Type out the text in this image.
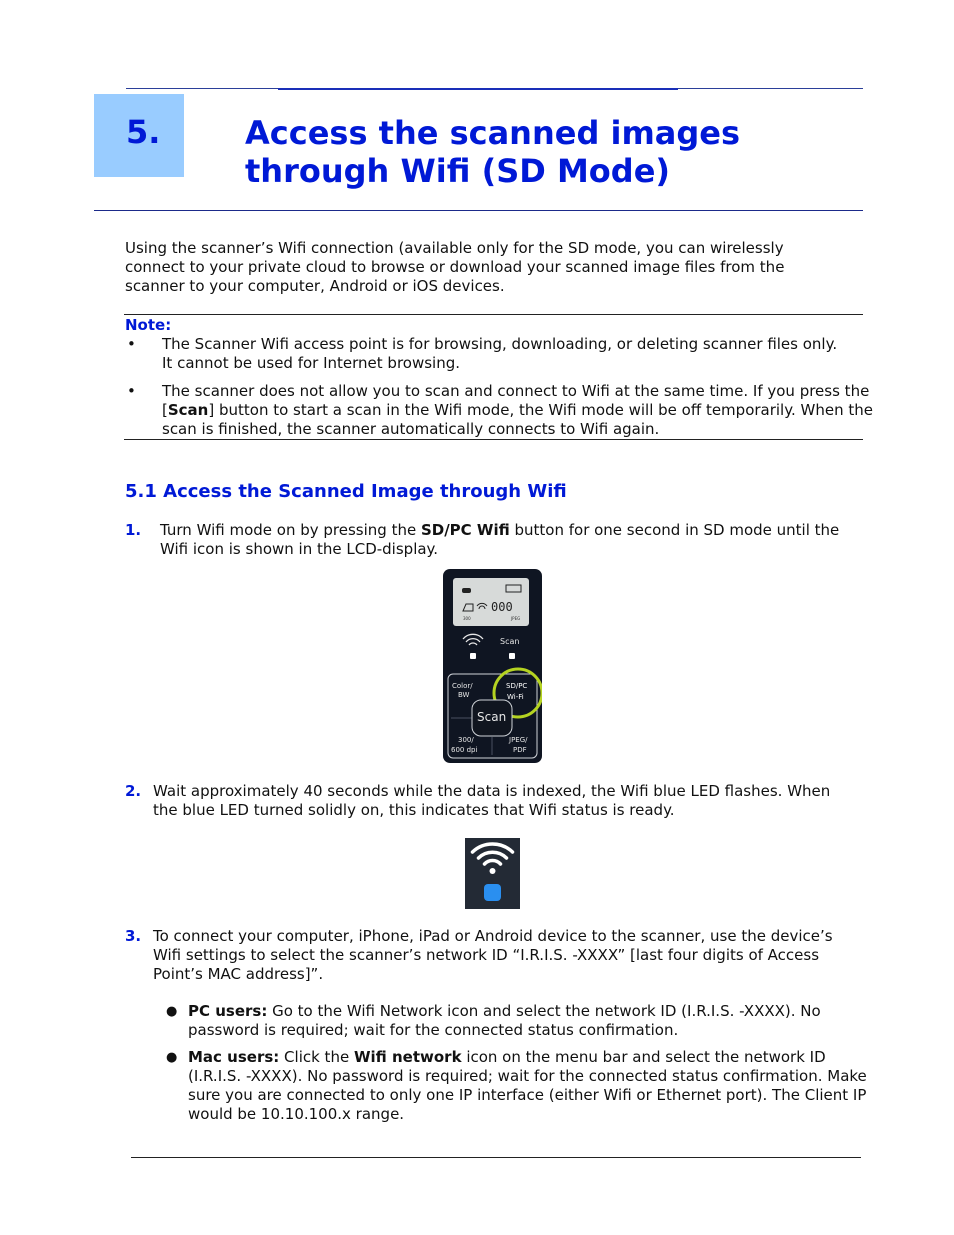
5.	Access the scanned images
through Wifi (SD Mode)
Using the scanner’s Wifi connection (available only for the SD mode, you can wirelessly connect to your private cloud to browse or download your scanned image files from the scanner to your computer, Android or iOS devices.
Note:
• The Scanner Wifi access point is for browsing, downloading, or deleting scanner files only. It cannot be used for Internet browsing.
• The scanner does not allow you to scan and connect to Wifi at the same time. If you press the [Scan] button to start a scan in the Wifi mode, the Wifi mode will be off temporarily. When the scan is finished, the scanner automatically connects to Wifi again.
5.1 Access the Scanned Image through Wifi
1. Turn Wifi mode on by pressing the SD/PC Wifi button for one second in SD mode until the Wifi icon is shown in the LCD-display.
000
300	JPEG
Scan
Color/
BW
SD/PC
Wi-Fi
Scan
300/
600 dpi
JPEG/
PDF
2. Wait approximately 40 seconds while the data is indexed, the Wifi blue LED flashes. When the blue LED turned solidly on, this indicates that Wifi status is ready.
3. To connect your computer, iPhone, iPad or Android device to the scanner, use the device’s Wifi settings to select the scanner’s network ID “I.R.I.S. -XXXX” [last four digits of Access Point’s MAC address]”.
● PC users: Go to the Wifi Network icon and select the network ID (I.R.I.S. -XXXX). No password is required; wait for the connected status confirmation.
● Mac users: Click the Wifi network icon on the menu bar and select the network ID (I.R.I.S. -XXXX). No password is required; wait for the connected status confirmation. Make sure you are connected to only one IP interface (either Wifi or Ethernet port). The Client IP would be 10.10.100.x range.
